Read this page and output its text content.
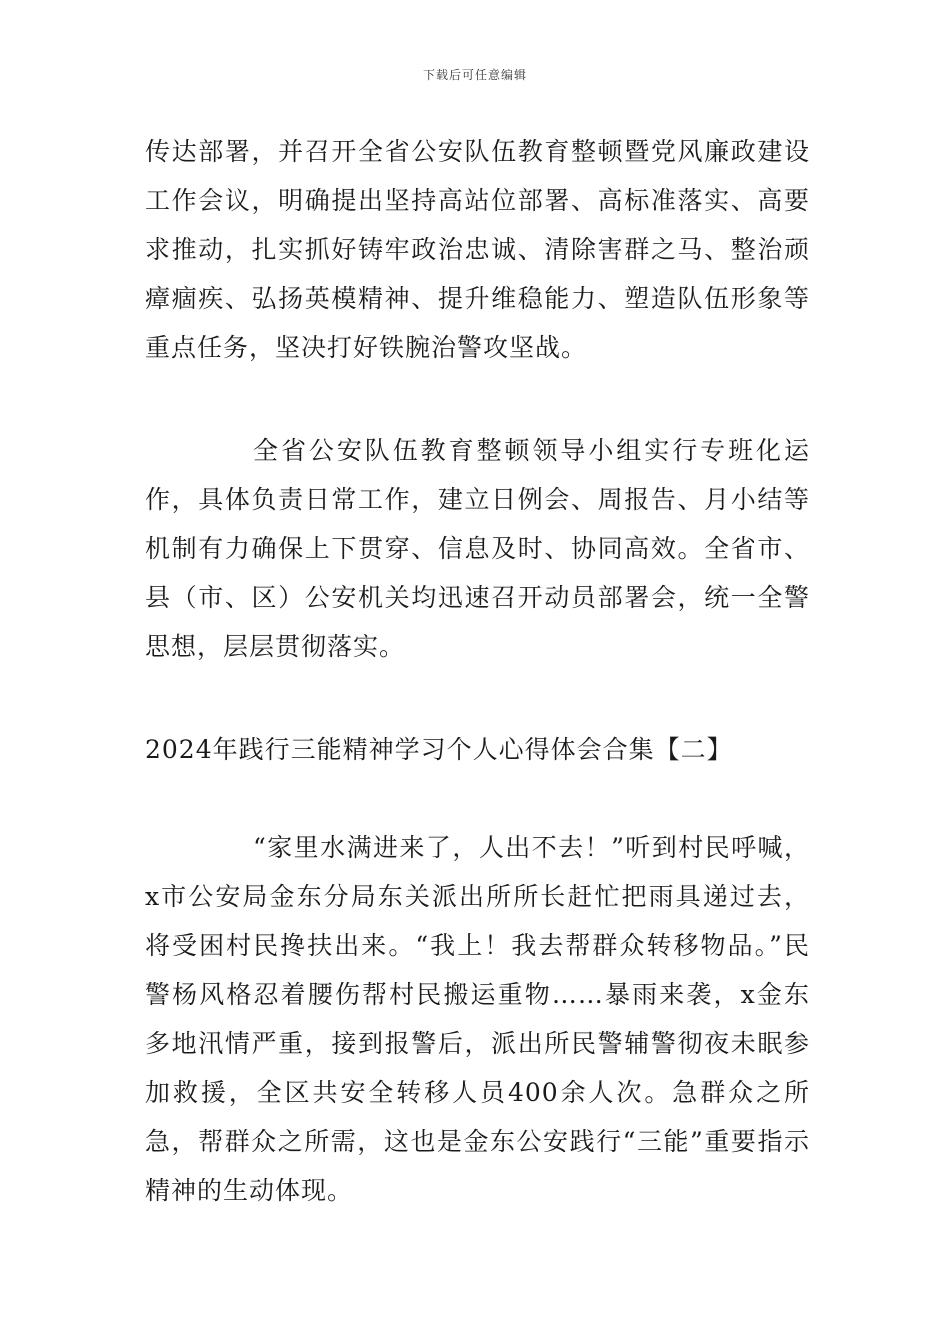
下载后可任意编辑

传达部署，并召开全省公安队伍教育整顿暨党风廉政建设工作会议，明确提出坚持高站位部署、高标准落实、高要求推动，扎实抓好铸牢政治忠诚、清除害群之马、整治顽瘴痼疾、弘扬英模精神、提升维稳能力、塑造队伍形象等重点任务，坚决打好铁腕治警攻坚战。

全省公安队伍教育整顿领导小组实行专班化运作，具体负责日常工作，建立日例会、周报告、月小结等机制有力确保上下贯穿、信息及时、协同高效。全省市、县（市、区）公安机关均迅速召开动员部署会，统一全警思想，层层贯彻落实。

2024年践行三能精神学习个人心得体会合集【二】

“家里水满进来了，人出不去！”听到村民呼喊，x市公安局金东分局东关派出所所长赶忙把雨具递过去，将受困村民搀扶出来。“我上！我去帮群众转移物品。”民警杨风格忍着腰伤帮村民搬运重物……暴雨来袭，x金东多地汛情严重，接到报警后，派出所民警辅警彻夜未眠参加救援，全区共安全转移人员400余人次。急群众之所急，帮群众之所需，这也是金东公安践行“三能”重要指示精神的生动体现。
